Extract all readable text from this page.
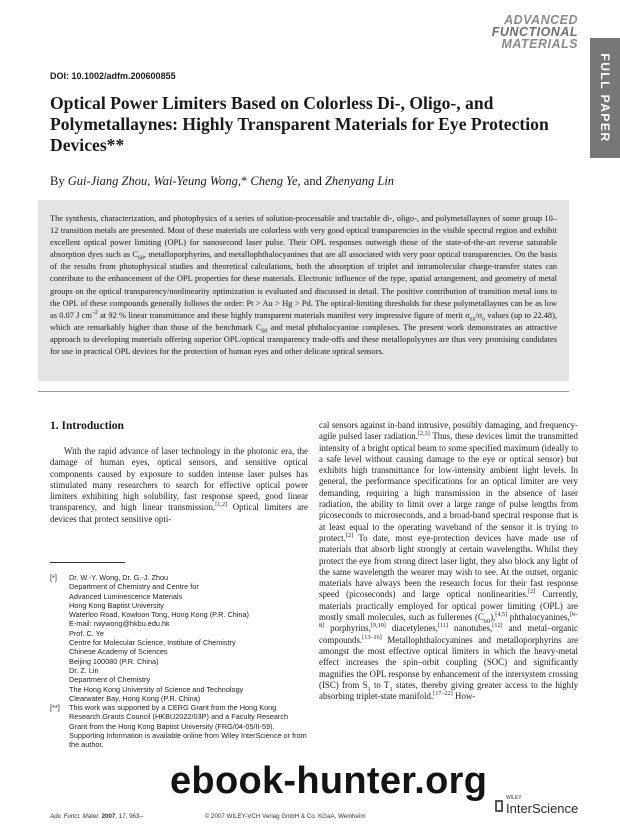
ADVANCED
FUNCTIONAL
MATERIALS
FULL PAPER
DOI: 10.1002/adfm.200600855
Optical Power Limiters Based on Colorless Di-, Oligo-, and Polymetallaynes: Highly Transparent Materials for Eye Protection Devices**
By Gui-Jiang Zhou, Wai-Yeung Wong,* Cheng Ye, and Zhenyang Lin

The synthesis, characterization, and photophysics of a series of solution-processable and tractable di-, oligo-, and polymetallaynes of some group 10–12 transition metals are presented. Most of these materials are colorless with very good optical transparencies in the visible spectral region and exhibit excellent optical power limiting (OPL) for nanosecond laser pulse. Their OPL responses outweigh those of the state-of-the-art reverse saturable absorption dyes such as $C_{60}$, metalloporphyrins, and metallophthalocyanines that are all associated with very poor optical transparencies. On the basis of the results from photophysical studies and theoretical calculations, both the absorption of triplet and intramolecular charge-transfer states can contribute to the enhancement of the OPL properties for these materials. Electronic influence of the type, spatial arrangement, and geometry of metal groups on the optical transparency/nonlinearity optimization is evaluated and discussed in detail. The positive contribution of transition metal ions to the OPL of these compounds generally follows the order: Pt > Au > Hg > Pd. The optical-limiting thresholds for these polymetallaynes can be as low as 0.07 J $cm^{-2}$ at 92 % linear transmittance and these highly transparent materials manifest very impressive figure of merit $\sigma_{ex}/\sigma_o$ values (up to 22.48), which are remarkably higher than those of the benchmark $C_{60}$ and metal phthalocyanine complexes. The present work demonstrates an attractive approach to developing materials offering superior OPL/optical transparency trade-offs and these metallopolyynes are thus very promising candidates for use in practical OPL devices for the protection of human eyes and other delicate optical sensors.

1. Introduction

With the rapid advance of laser technology in the photonic era, the damage of human eyes, optical sensors, and sensitive optical components caused by exposure to sudden intense laser pulses has stimulated many researchers to search for effective optical power limiters exhibiting high solubility, fast response speed, good linear transparency, and high linear transmission.[1,2] Optical limiters are devices that protect sensitive opti-

[*]	Dr. W.-Y. Wong, Dr. G.-J. Zhou
Department of Chemistry and Centre for
Advanced Luminescence Materials
Hong Kong Baptist University
Waterloo Road, Kowloon Tong, Hong Kong (P.R. China)
E-mail: rwywong@hkbu.edu.hk
Prof. C. Ye
Centre for Molecular Science, Institute of Chemistry
Chinese Academy of Sciences
Beijing 100080 (P.R. China)
Dr. Z. Lin
Department of Chemistry
The Hong Kong University of Science and Technology
Clearwater Bay, Hong Kong (P.R. China)
[**]	This work was supported by a CERG Grant from the Hong Kong Research Grants Council (HKBU2022/03P) and a Faculty Research Grant from the Hong Kong Baptist University (FRG/04-05/II-59). Supporting Information is available online from Wiley InterScience or from the author.

cal sensors against in-band intrusive, possibly damaging, and frequency-agile pulsed laser radiation.[2,3] Thus, these devices limit the transmitted intensity of a bright optical beam to some specified maximum (ideally to a safe level without causing damage to the eye or optical sensor) but exhibits high transmittance for low-intensity ambient light levels. In general, the performance specifications for an optical limiter are very demanding, requiring a high transmission in the absence of laser radiation, the ability to limit over a large range of pulse lengths from picoseconds to microseconds, and a broad-band spectral response that is at least equal to the operating waveband of the sensor it is trying to protect.[2] To date, most eye-protection devices have made use of materials that absorb light strongly at certain wavelengths. Whilst they protect the eye from strong direct laser light, they also block any light of the same wavelength the wearer may wish to see. At the outset, organic materials have always been the research focus for their fast response speed (picoseconds) and large optical nonlinearities.[2] Currently, materials practically employed for optical power limiting (OPL) are mostly small molecules, such as fullerenes $(C_{60}),[4,5]$ phthalocyanines,[6–8] porphyrins,[9,10] diacetylenes,[11] nanotubes,[12] and metal–organic compounds.[13–16] Metallophthalocyanines and metalloporphyrins are amongst the most effective optical limiters in which the heavy-metal effect increases the spin–orbit coupling (SOC) and significantly magnifies the OPL response by enhancement of the intersystem crossing (ISC) from $S_1$ to $T_1$ states, thereby giving greater access to the highly absorbing triplet-state manifold.[17–22] How-

ebook-hunter.org	WILEY
InterScience
Adv. Funct. Mater. 2007, 17, 963–	© 2007 WILEY-VCH Verlag GmbH & Co. KGaA, Weinheim
